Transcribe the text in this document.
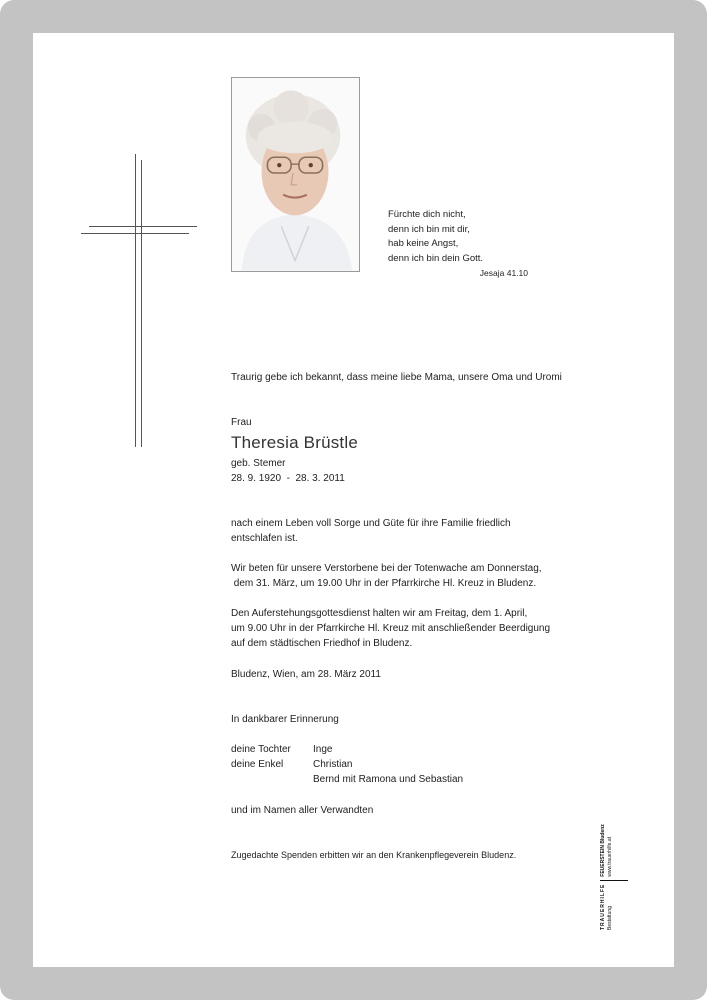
Fürchte dich nicht,
denn ich bin mit dir,
hab keine Angst,
denn ich bin dein Gott.
Jesaja 41.10
Traurig gebe ich bekannt, dass meine liebe Mama, unsere Oma und Uromi
Frau
Theresia Brüstle
geb. Stemer
28. 9. 1920  -  28. 3. 2011
nach einem Leben voll Sorge und Güte für ihre Familie friedlich
entschlafen ist.
Wir beten für unsere Verstorbene bei der Totenwache am Donnerstag,
dem 31. März, um 19.00 Uhr in der Pfarrkirche Hl. Kreuz in Bludenz.
Den Auferstehungsgottesdienst halten wir am Freitag, dem 1. April,
um 9.00 Uhr in der Pfarrkirche Hl. Kreuz mit anschließender Beerdigung
auf dem städtischen Friedhof in Bludenz.
Bludenz, Wien, am 28. März 2011
In dankbarer Erinnerung
deine Tochter	Inge
deine Enkel	Christian
Bernd mit Ramona und Sebastian
und im Namen aller Verwandten
Zugedachte Spenden erbitten wir an den Krankenpflegeverein Bludenz.
TRAUERHILFE Bestattung
FEUERSTEIN Bludenz www.trauerhilfe.at
